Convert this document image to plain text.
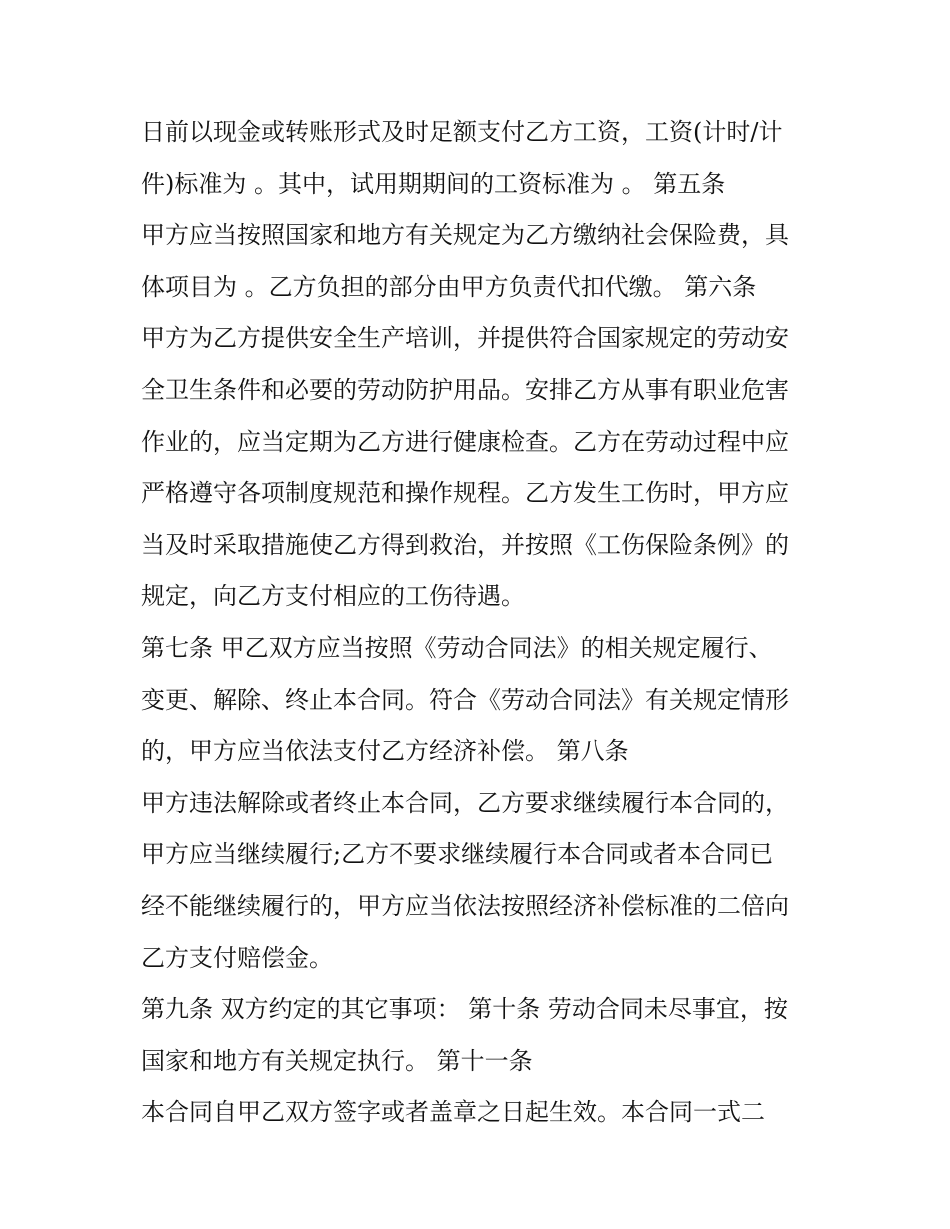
日前以现金或转账形式及时足额支付乙方工资，工资(计时/计
件)标准为 。其中，试用期期间的工资标准为 。 第五条
甲方应当按照国家和地方有关规定为乙方缴纳社会保险费，具
体项目为 。乙方负担的部分由甲方负责代扣代缴。 第六条
甲方为乙方提供安全生产培训，并提供符合国家规定的劳动安
全卫生条件和必要的劳动防护用品。安排乙方从事有职业危害
作业的，应当定期为乙方进行健康检查。乙方在劳动过程中应
严格遵守各项制度规范和操作规程。乙方发生工伤时，甲方应
当及时采取措施使乙方得到救治，并按照《工伤保险条例》的
规定，向乙方支付相应的工伤待遇。
第七条 甲乙双方应当按照《劳动合同法》的相关规定履行、
变更、解除、终止本合同。符合《劳动合同法》有关规定情形
的，甲方应当依法支付乙方经济补偿。 第八条
甲方违法解除或者终止本合同，乙方要求继续履行本合同的，
甲方应当继续履行;乙方不要求继续履行本合同或者本合同已
经不能继续履行的，甲方应当依法按照经济补偿标准的二倍向
乙方支付赔偿金。
第九条 双方约定的其它事项： 第十条 劳动合同未尽事宜，按
国家和地方有关规定执行。 第十一条
本合同自甲乙双方签字或者盖章之日起生效。本合同一式二
